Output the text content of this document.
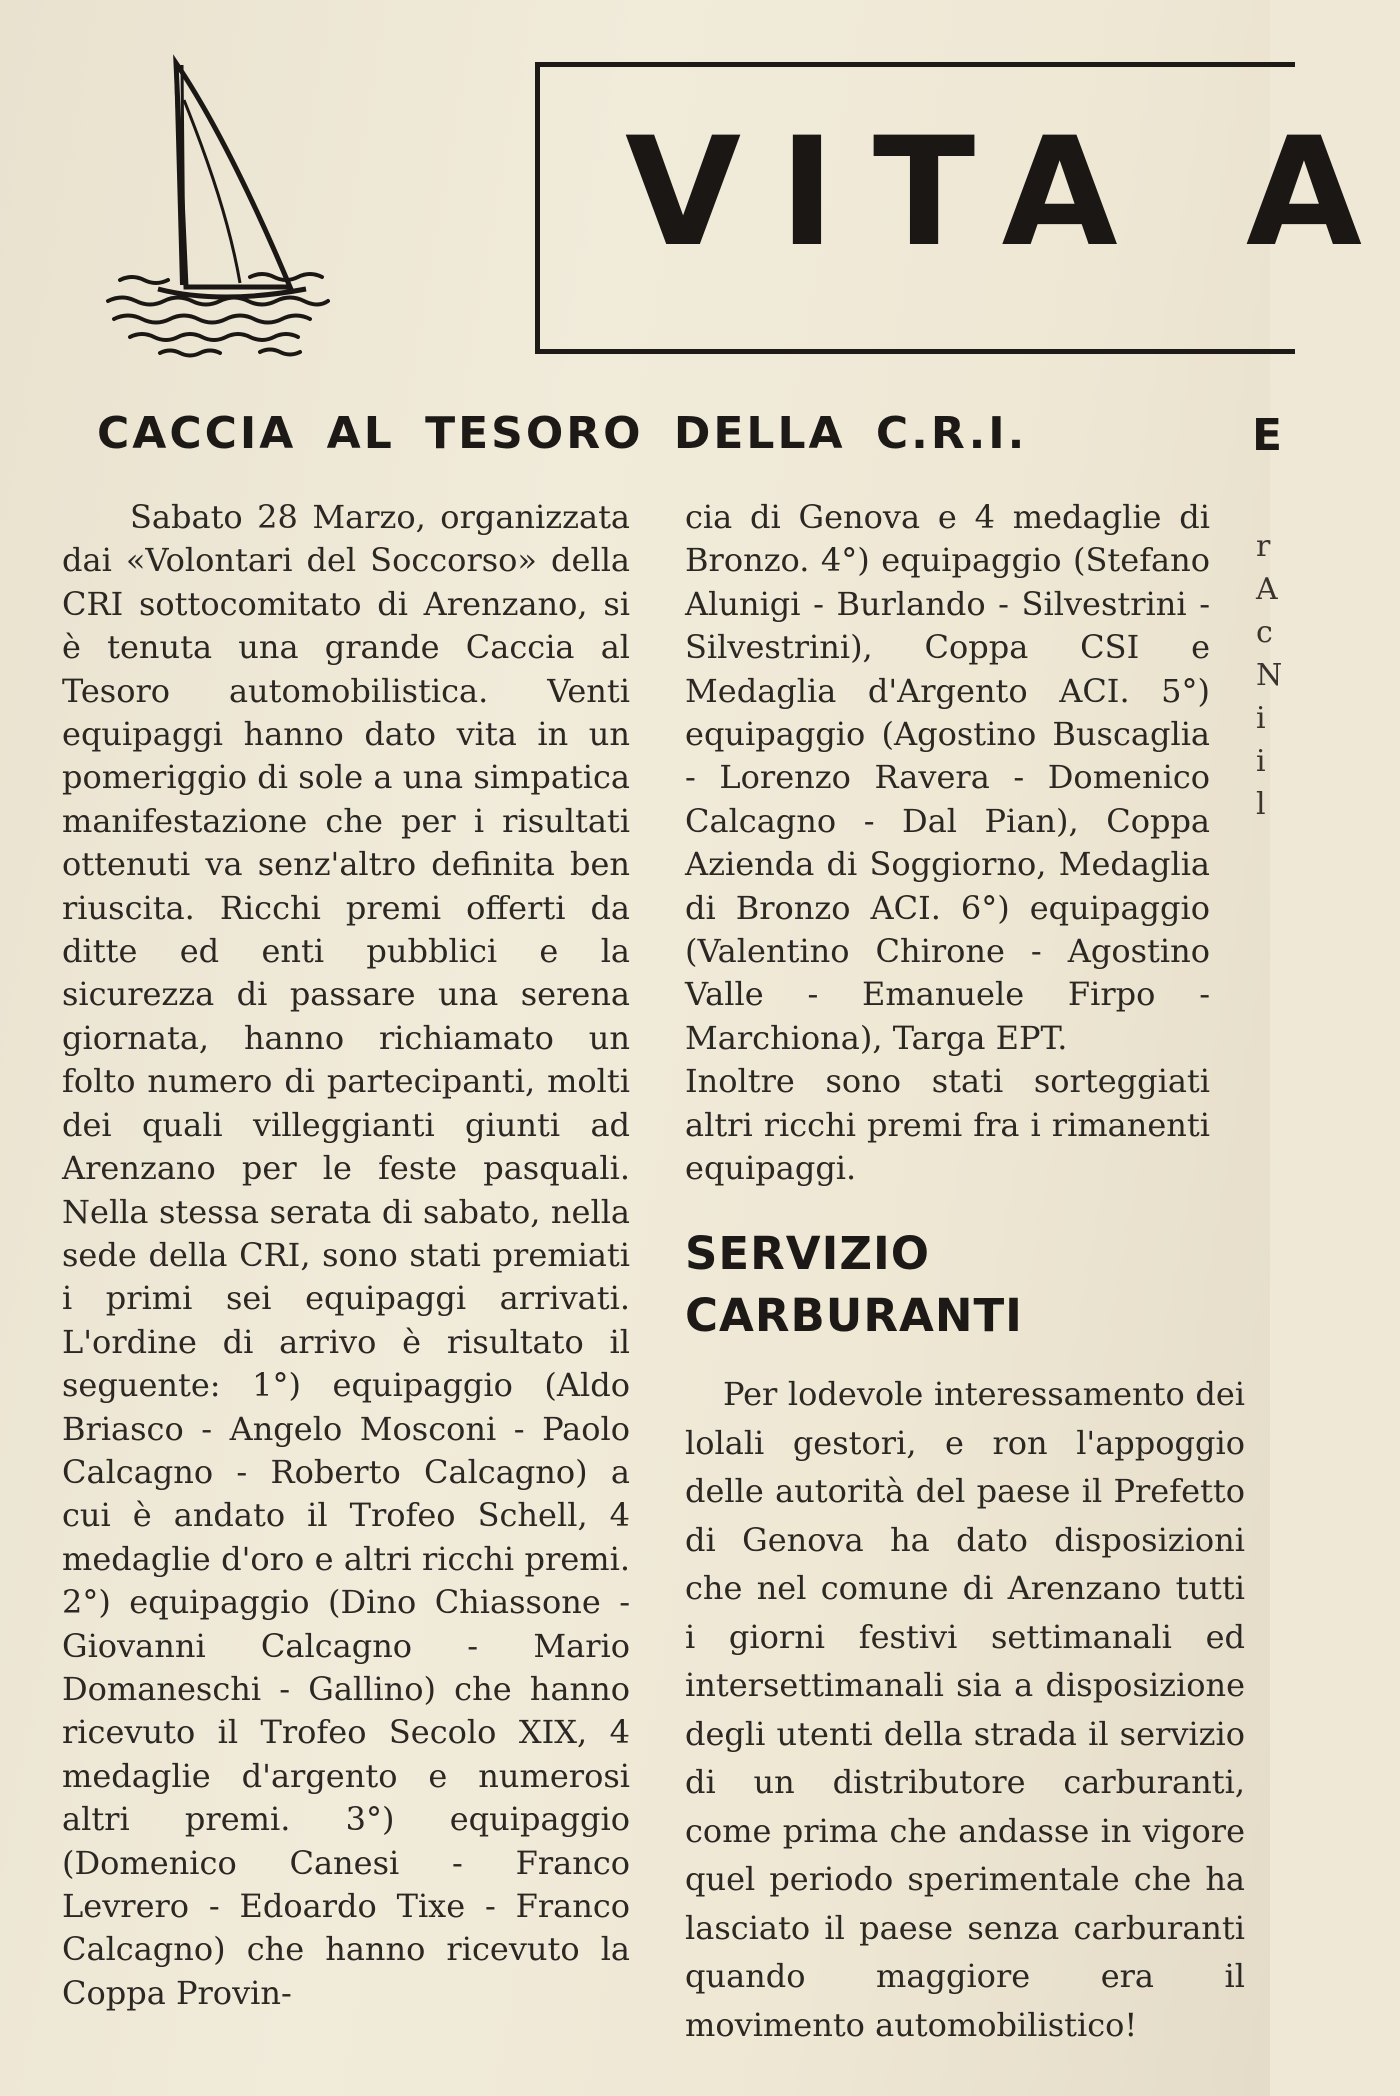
VITA A
CACCIA AL TESORO DELLA C.R.I.	E

Sabato 28 Marzo, organizzata dai «Volontari del Soccorso» della CRI sottocomitato di Arenzano, si è tenuta una grande Caccia al Tesoro automobilistica. Venti equipaggi hanno dato vita in un pomeriggio di sole a una simpatica manifestazione che per i risultati ottenuti va senz'altro definita ben riuscita. Ricchi premi offerti da ditte ed enti pubblici e la sicurezza di passare una serena giornata, hanno richiamato un folto numero di partecipanti, molti dei quali villeggianti giunti ad Arenzano per le feste pasquali. Nella stessa serata di sabato, nella sede della CRI, sono stati premiati i primi sei equipaggi arrivati. L'ordine di arrivo è risultato il seguente: 1°) equipaggio (Aldo Briasco - Angelo Mosconi - Paolo Calcagno - Roberto Calcagno) a cui è andato il Trofeo Schell, 4 medaglie d'oro e altri ricchi premi. 2°) equipaggio (Dino Chiassone - Giovanni Calcagno - Mario Domaneschi - Gallino) che hanno ricevuto il Trofeo Secolo XIX, 4 medaglie d'argento e numerosi altri premi. 3°) equipaggio (Domenico Canesi - Franco Levrero - Edoardo Tixe - Franco Calcagno) che hanno ricevuto la Coppa Provin-

cia di Genova e 4 medaglie di Bronzo. 4°) equipaggio (Stefano Alunigi - Burlando - Silvestrini - Silvestrini), Coppa CSI e Medaglia d'Argento ACI. 5°) equipaggio (Agostino Buscaglia - Lorenzo Ravera - Domenico Calcagno - Dal Pian), Coppa Azienda di Soggiorno, Medaglia di Bronzo ACI. 6°) equipaggio (Valentino Chirone - Agostino Valle - Emanuele Firpo - Marchiona), Targa EPT.

Inoltre sono stati sorteggiati altri ricchi premi fra i rimanenti equipaggi.

SERVIZIO
CARBURANTI

Per lodevole interessamento dei lolali gestori, e ron l'appoggio delle autorità del paese il Prefetto di Genova ha dato disposizioni che nel comune di Arenzano tutti i giorni festivi settimanali ed intersettimanali sia a disposizione degli utenti della strada il servizio di un distributore carburanti, come prima che andasse in vigore quel periodo sperimentale che ha lasciato il paese senza carburanti quando maggiore era il movimento automobilistico!

r
A
c
N
i
i
l
